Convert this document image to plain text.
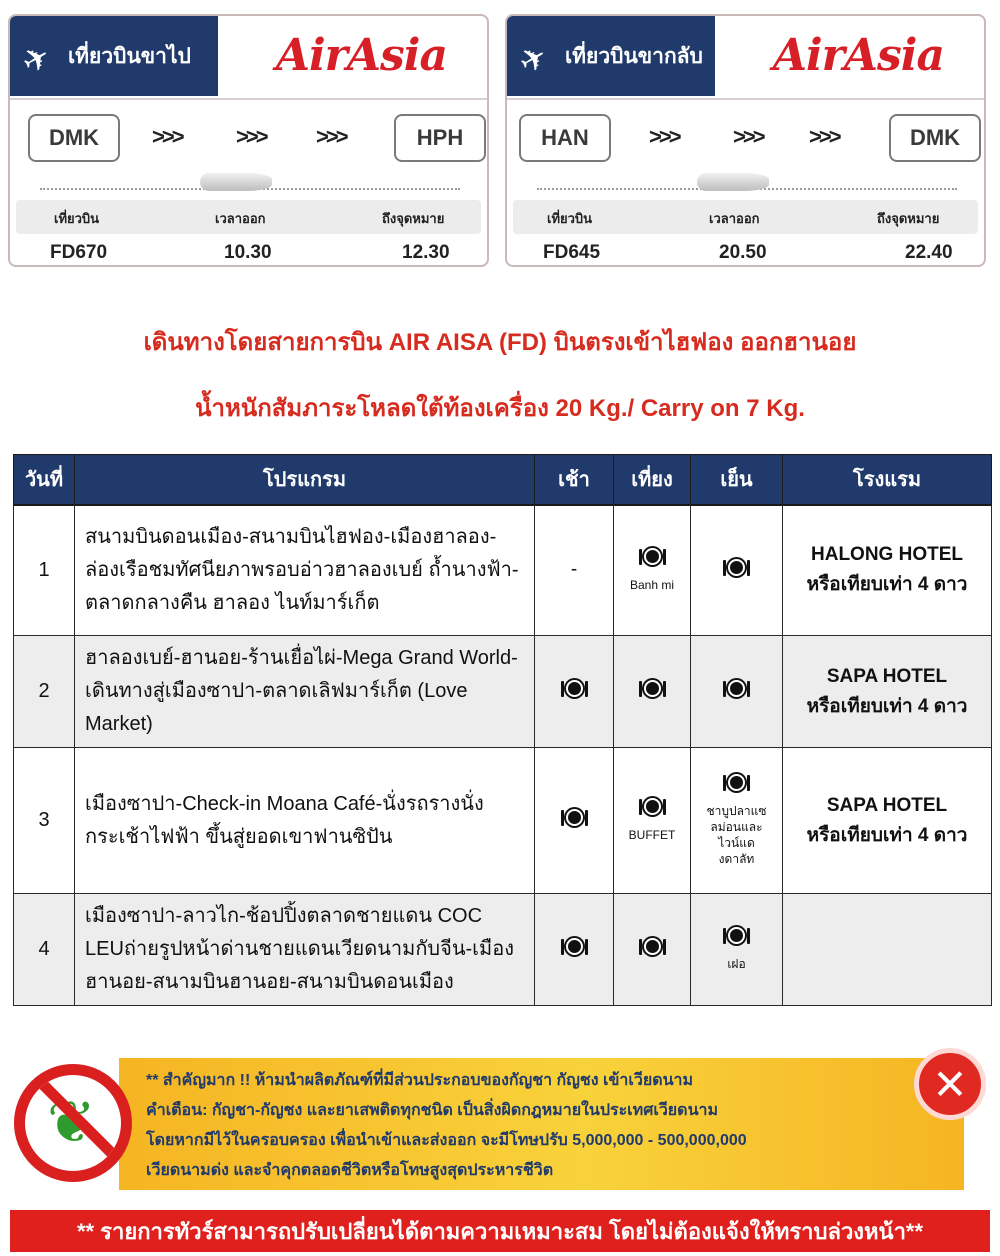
✈ เที่ยวบินขาไป AirAsia
DMK	>>> >>> >>>	HPH
เที่ยวบิน	เวลาออก	ถึงจุดหมาย
FD670	10.30	12.30
✈ เที่ยวบินขากลับ AirAsia
HAN	>>> >>> >>>	DMK
เที่ยวบิน	เวลาออก	ถึงจุดหมาย
FD645	20.50	22.40
เดินทางโดยสายการบิน AIR AISA (FD) บินตรงเข้าไฮฟอง ออกฮานอย
น้ำหนักสัมภาระโหลดใต้ท้องเครื่อง 20 Kg./ Carry on 7 Kg.
วันที่	โปรแกรม	เช้า	เที่ยง	เย็น	โรงแรม
1	สนามบินดอนเมือง-สนามบินไฮฟอง-เมืองฮาลอง-ล่องเรือชมทัศนียภาพรอบอ่าวฮาลองเบย์ ถ้ำนางฟ้า-ตลาดกลางคืน ฮาลอง ไนท์มาร์เก็ต	-	Banh mi		HALONG HOTEL
หรือเทียบเท่า 4 ดาว

2	ฮาลองเบย์-ฮานอย-ร้านเยื่อไผ่-Mega Grand World-เดินทางสู่เมืองซาปา-ตลาดเลิฟมาร์เก็ต (Love Market)				SAPA HOTEL
หรือเทียบเท่า 4 ดาว

3	เมืองซาปา-Check-in Moana Café-นั่งรถรางนั่งกระเช้าไฟฟ้า ขึ้นสู่ยอดเขาฟานซิปัน		BUFFET	ชาบูปลาแซลม่อนและไวน์แดงดาลัท	SAPA HOTEL
หรือเทียบเท่า 4 ดาว

4	เมืองซาปา-ลาวไก-ช้อปปิ้งตลาดชายแดน COC LEUถ่ายรูปหน้าด่านชายแดนเวียดนามกับจีน-เมืองฮานอย-สนามบินฮานอย-สนามบินดอนเมือง			เฝอ	

❦
** สำคัญมาก !! ห้ามนำผลิตภัณฑ์ที่มีส่วนประกอบของกัญชา กัญชง เข้าเวียดนาม
คำเตือน: กัญชา-กัญชง และยาเสพติดทุกชนิด เป็นสิ่งผิดกฎหมายในประเทศเวียดนาม
โดยหากมีไว้ในครอบครอง เพื่อนำเข้าและส่งออก จะมีโทษปรับ 5,000,000 - 500,000,000
เวียดนามด่ง และจำคุกตลอดชีวิตหรือโทษสูงสุดประหารชีวิต
✕
** รายการทัวร์สามารถปรับเปลี่ยนได้ตามความเหมาะสม โดยไม่ต้องแจ้งให้ทราบล่วงหน้า**
